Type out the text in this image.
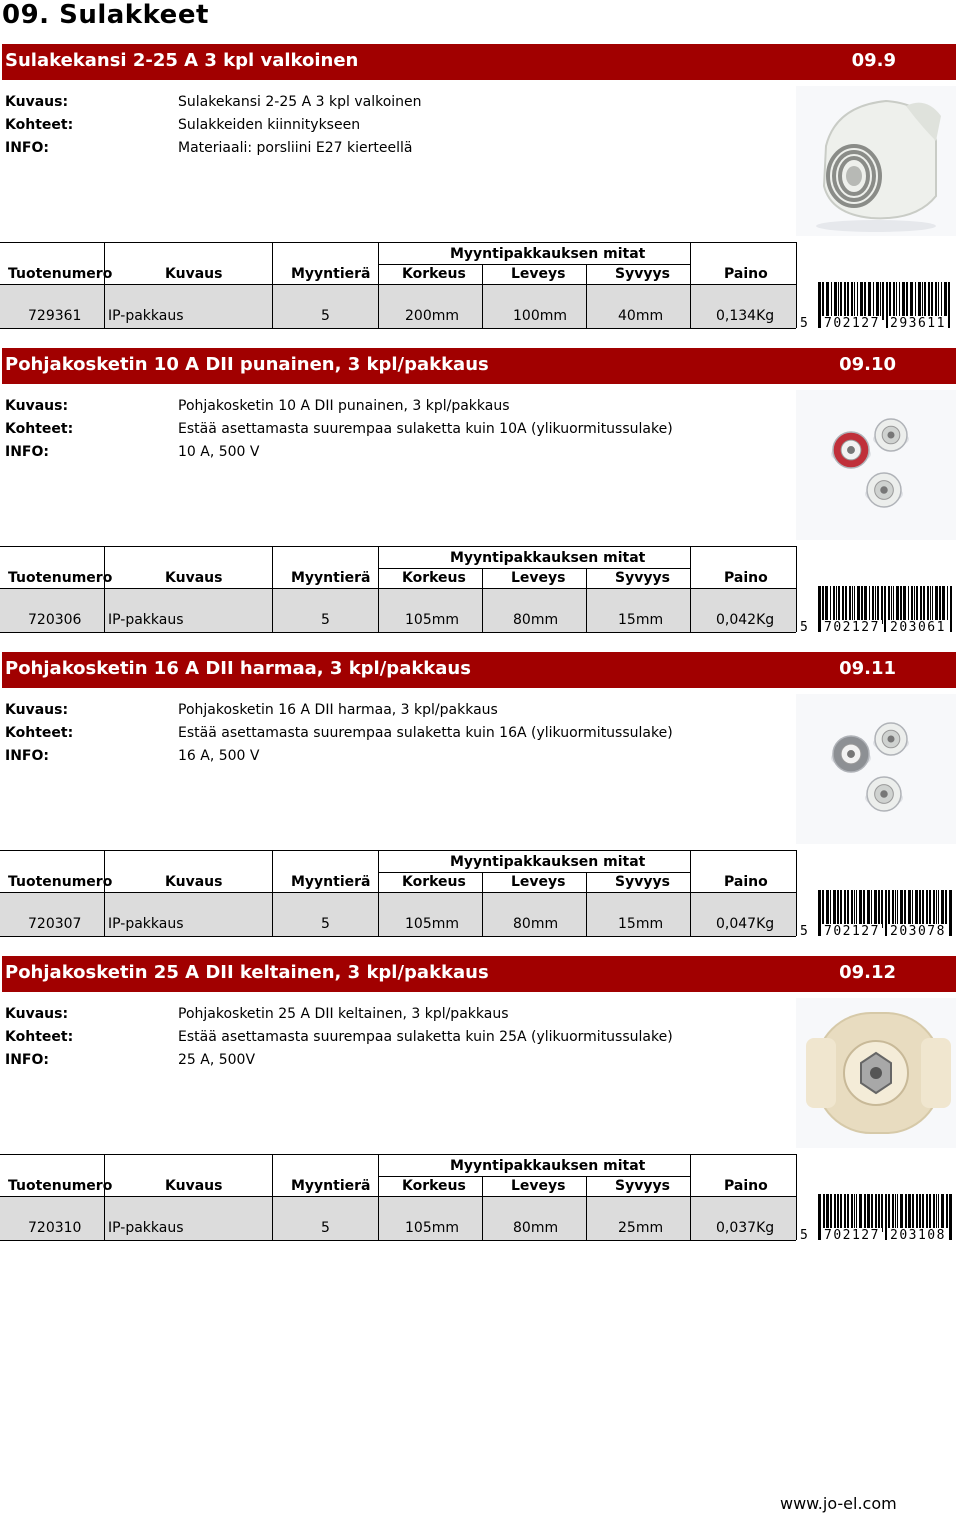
09. Sulakkeet
Sulakekansi 2-25 A 3 kpl valkoinen	09.9
Kuvaus:	Sulakekansi 2-25 A 3 kpl valkoinen
Kohteet:	Sulakkeiden kiinnitykseen
INFO:	Materiaali: porsliini E27 kierteellä
Myyntipakkauksen mitat
Tuotenumero	Kuvaus	Myyntierä Korkeus	Leveys	Syvyys	Paino
729361 IP-pakkaus	5	200mm	100mm	40mm	0,134Kg 5 702127 293611
Pohjakosketin 10 A DII punainen, 3 kpl/pakkaus	09.10
Kuvaus:	Pohjakosketin 10 A DII punainen, 3 kpl/pakkaus
Kohteet:	Estää asettamasta suurempaa sulaketta kuin 10A (ylikuormitussulake)
INFO:	10 A, 500 V
Myyntipakkauksen mitat
Tuotenumero	Kuvaus	Myyntierä Korkeus	Leveys	Syvyys	Paino
720306 IP-pakkaus	5	105mm	80mm	15mm	0,042Kg 5 702127 203061
Pohjakosketin 16 A DII harmaa, 3 kpl/pakkaus	09.11
Kuvaus:	Pohjakosketin 16 A DII harmaa, 3 kpl/pakkaus
Kohteet:	Estää asettamasta suurempaa sulaketta kuin 16A (ylikuormitussulake)
INFO:	16 A, 500 V
Myyntipakkauksen mitat
Tuotenumero	Kuvaus	Myyntierä Korkeus	Leveys	Syvyys	Paino
720307 IP-pakkaus	5	105mm	80mm	15mm	0,047Kg 5 702127 203078
Pohjakosketin 25 A DII keltainen, 3 kpl/pakkaus	09.12
Kuvaus:	Pohjakosketin 25 A DII keltainen, 3 kpl/pakkaus
Kohteet:	Estää asettamasta suurempaa sulaketta kuin 25A (ylikuormitussulake)
INFO:	25 A, 500V
Myyntipakkauksen mitat
Tuotenumero	Kuvaus	Myyntierä Korkeus	Leveys	Syvyys	Paino
720310 IP-pakkaus	5	105mm	80mm	25mm	0,037Kg 5 702127 203108
www.jo-el.com
